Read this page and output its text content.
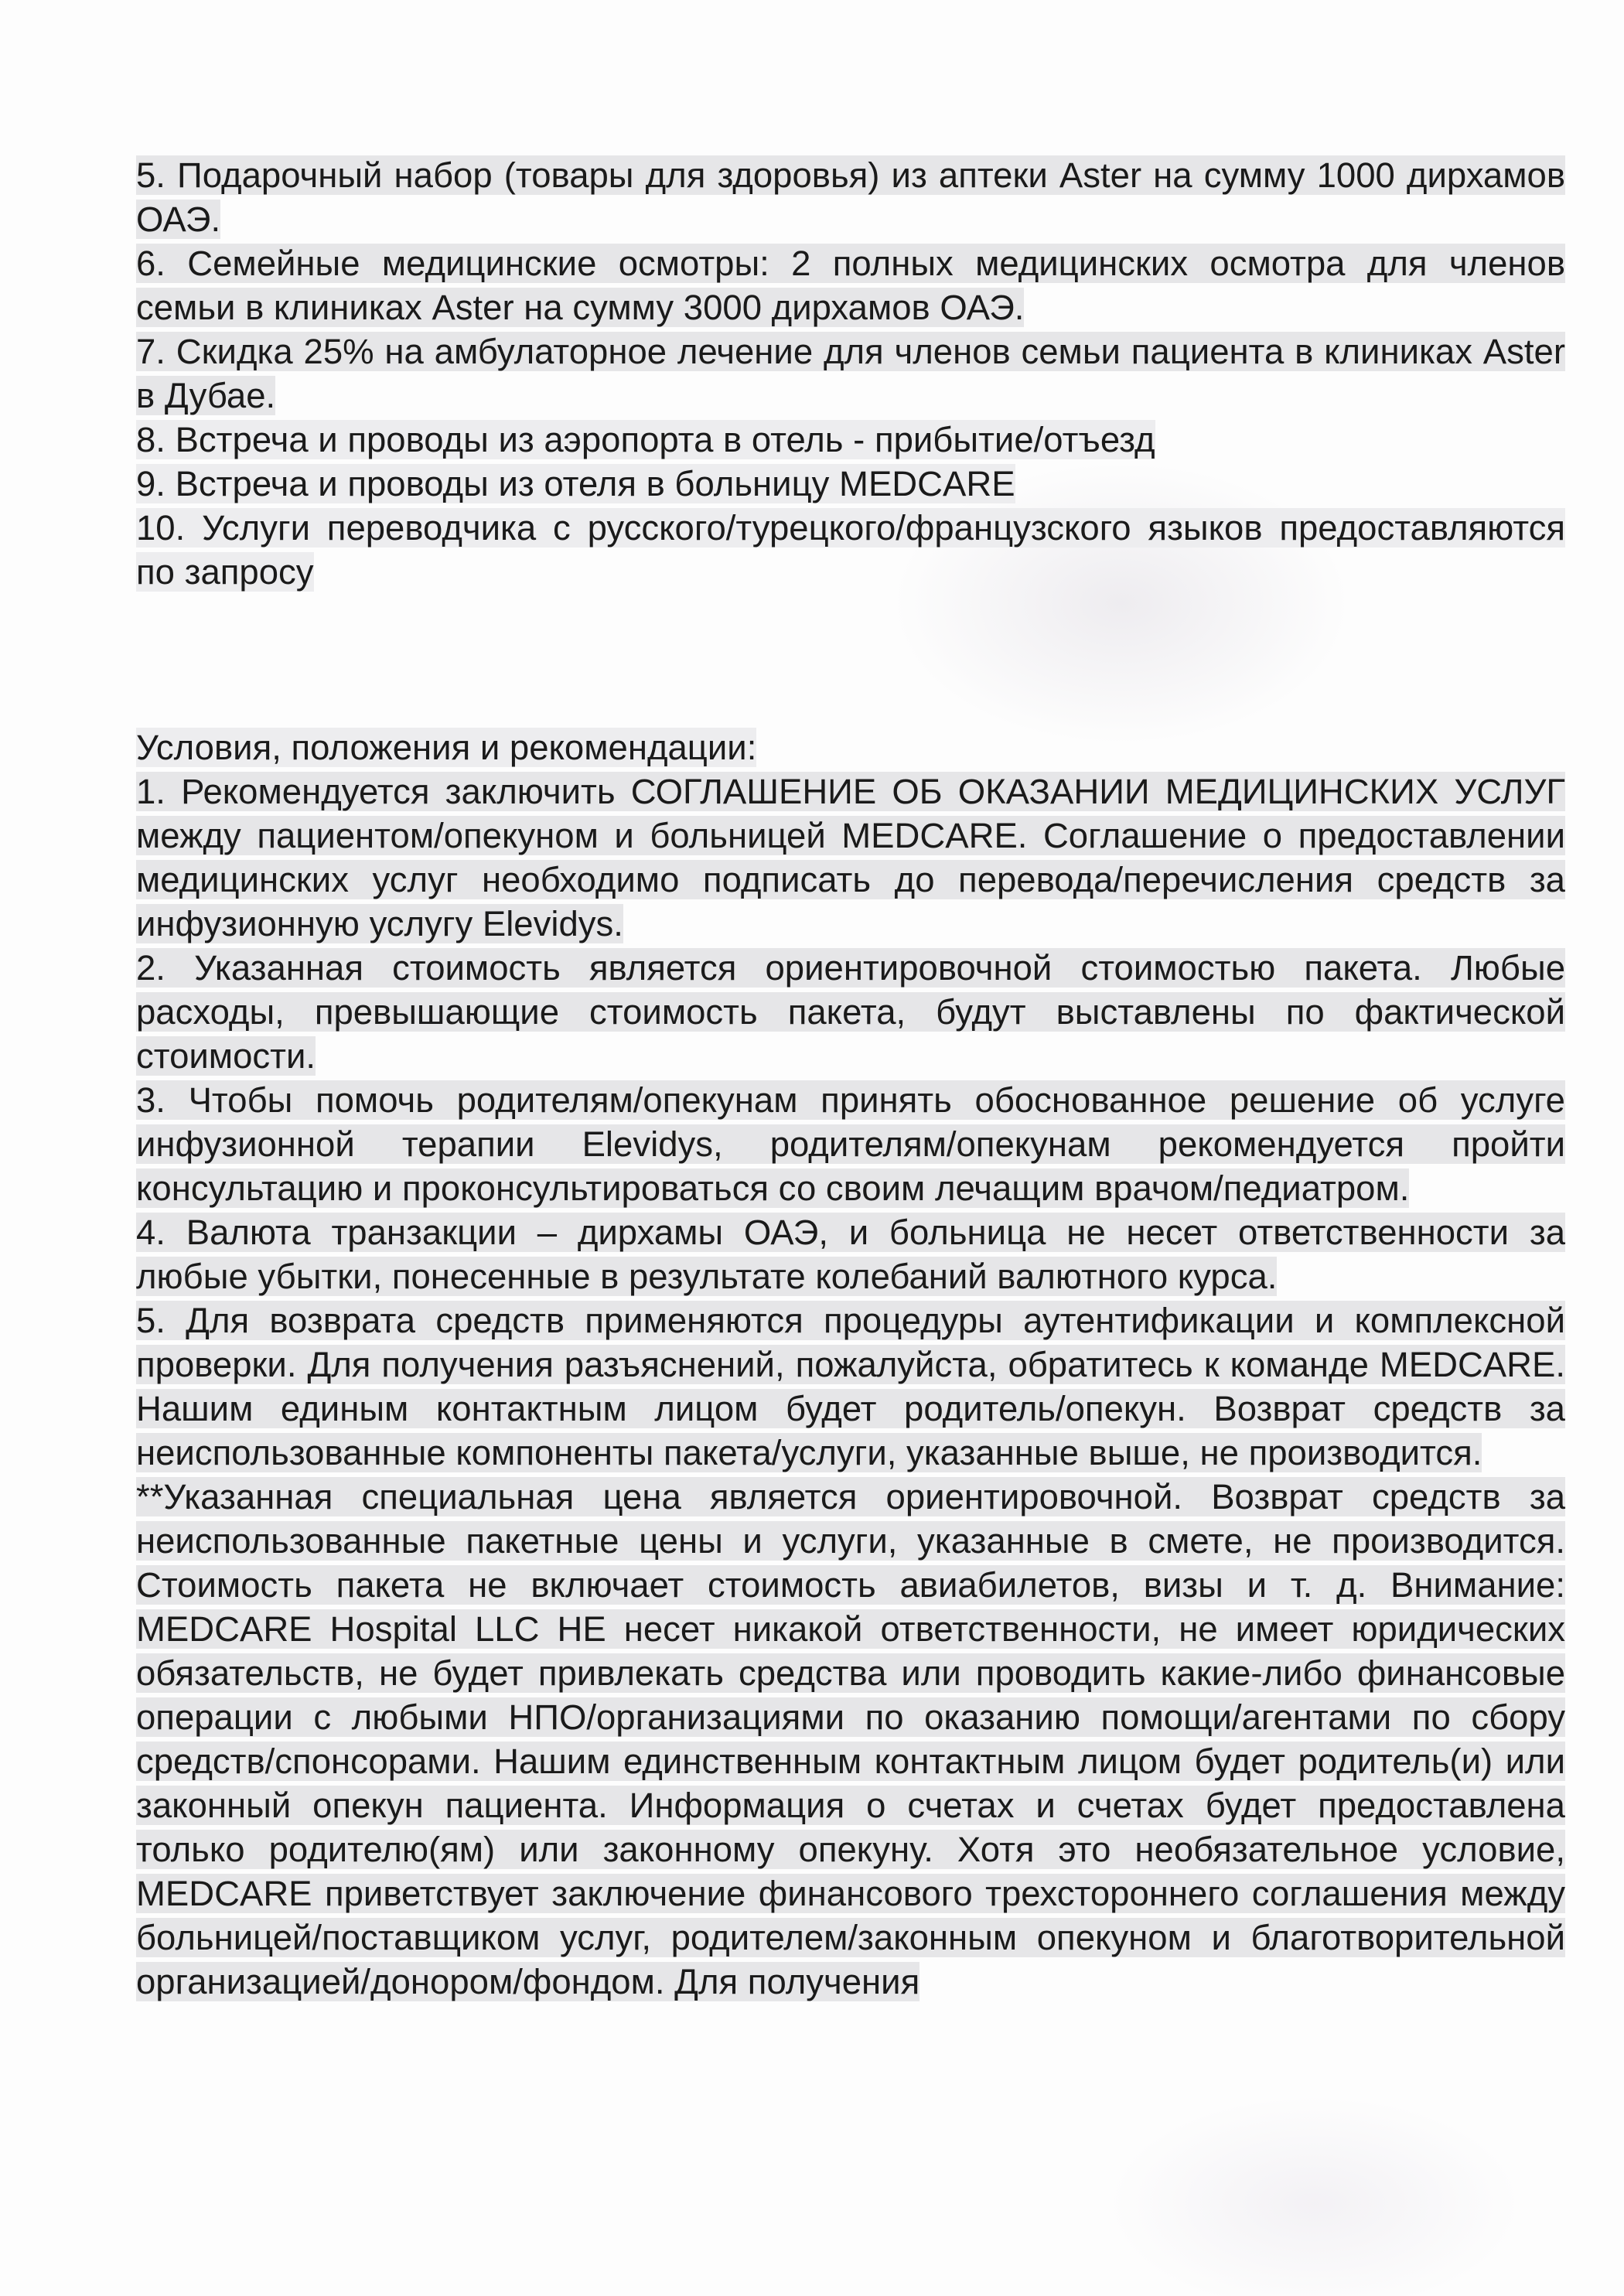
5. Подарочный набор (товары для здоровья) из аптеки Aster на сумму 1000 дирхамов ОАЭ.
6. Семейные медицинские осмотры: 2 полных медицинских осмотра для членов семьи в клиниках Aster на сумму 3000 дирхамов ОАЭ.
7. Скидка 25% на амбулаторное лечение для членов семьи пациента в клиниках Aster в Дубае.
8. Встреча и проводы из аэропорта в отель - прибытие/отъезд
9. Встреча и проводы из отеля в больницу MEDCARE
10. Услуги переводчика с русского/турецкого/французского языков предоставляются по запросу
Условия, положения и рекомендации:
1. Рекомендуется заключить СОГЛАШЕНИЕ ОБ ОКАЗАНИИ МЕДИЦИНСКИХ УСЛУГ между пациентом/опекуном и больницей MEDCARE. Соглашение о предоставлении медицинских услуг необходимо подписать до перевода/перечисления средств за инфузионную услугу Elevidys.
2. Указанная стоимость является ориентировочной стоимостью пакета. Любые расходы, превышающие стоимость пакета, будут выставлены по фактической стоимости.
3. Чтобы помочь родителям/опекунам принять обоснованное решение об услуге инфузионной терапии Elevidys, родителям/опекунам рекомендуется пройти консультацию и проконсультироваться со своим лечащим врачом/педиатром.
4. Валюта транзакции – дирхамы ОАЭ, и больница не несет ответственности за любые убытки, понесенные в результате колебаний валютного курса.
5. Для возврата средств применяются процедуры аутентификации и комплексной проверки. Для получения разъяснений, пожалуйста, обратитесь к команде MEDCARE. Нашим единым контактным лицом будет родитель/опекун. Возврат средств за неиспользованные компоненты пакета/услуги, указанные выше, не производится.
**Указанная специальная цена является ориентировочной. Возврат средств за неиспользованные пакетные цены и услуги, указанные в смете, не производится. Стоимость пакета не включает стоимость авиабилетов, визы и т. д. Внимание: MEDCARE Hospital LLC НЕ несет никакой ответственности, не имеет юридических обязательств, не будет привлекать средства или проводить какие-либо финансовые операции с любыми НПО/организациями по оказанию помощи/агентами по сбору средств/спонсорами. Нашим единственным контактным лицом будет родитель(и) или законный опекун пациента. Информация о счетах и счетах будет предоставлена только родителю(ям) или законному опекуну. Хотя это необязательное условие, MEDCARE приветствует заключение финансового трехстороннего соглашения между больницей/поставщиком услуг, родителем/законным опекуном и благотворительной организацией/донором/фондом. Для получения
